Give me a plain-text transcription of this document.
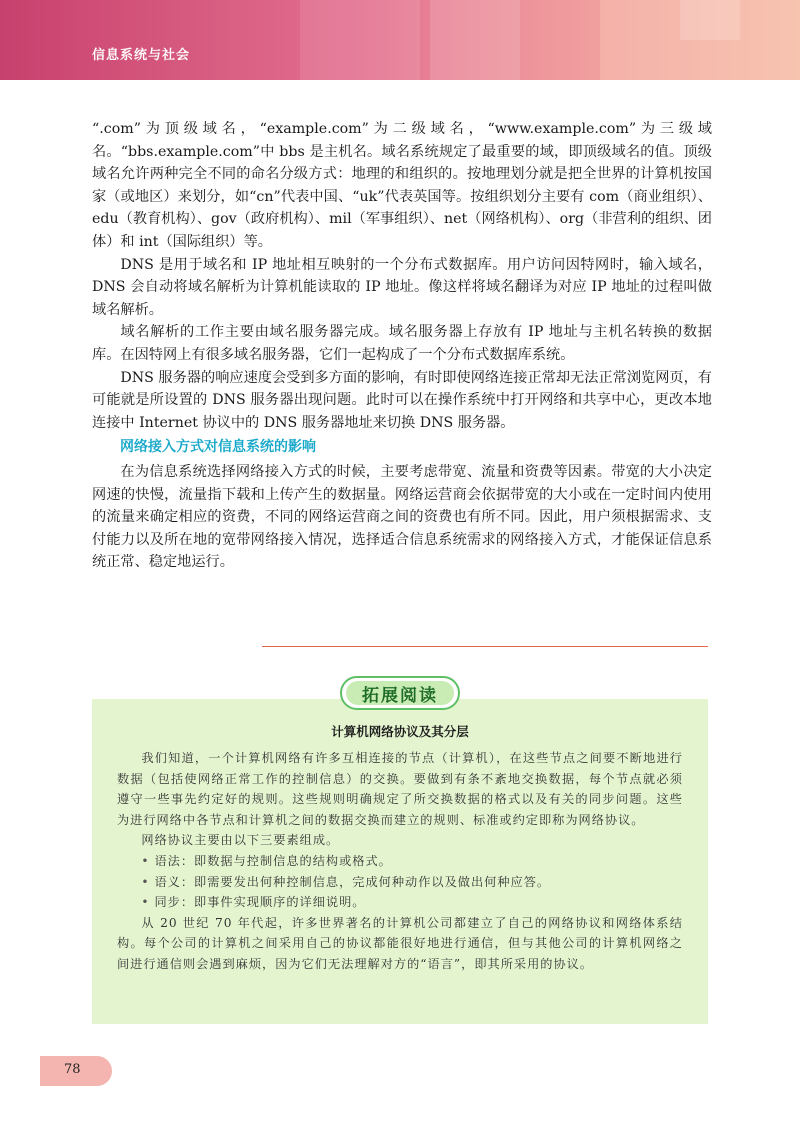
信息系统与社会

“.com”为顶级域名，“example.com”为二级域名，“www.example.com”为三级域名。“bbs.example.com”中 bbs 是主机名。域名系统规定了最重要的域，即顶级域名的值。顶级域名允许两种完全不同的命名分级方式：地理的和组织的。按地理划分就是把全世界的计算机按国家（或地区）来划分，如“cn”代表中国、“uk”代表英国等。按组织划分主要有 com（商业组织）、edu（教育机构）、gov（政府机构）、mil（军事组织）、net（网络机构）、org（非营利的组织、团体）和 int（国际组织）等。

DNS 是用于域名和 IP 地址相互映射的一个分布式数据库。用户访问因特网时，输入域名，DNS 会自动将域名解析为计算机能读取的 IP 地址。像这样将域名翻译为对应 IP 地址的过程叫做域名解析。

域名解析的工作主要由域名服务器完成。域名服务器上存放有 IP 地址与主机名转换的数据库。在因特网上有很多域名服务器，它们一起构成了一个分布式数据库系统。

DNS 服务器的响应速度会受到多方面的影响，有时即使网络连接正常却无法正常浏览网页，有可能就是所设置的 DNS 服务器出现问题。此时可以在操作系统中打开网络和共享中心，更改本地连接中 Internet 协议中的 DNS 服务器地址来切换 DNS 服务器。

网络接入方式对信息系统的影响

在为信息系统选择网络接入方式的时候，主要考虑带宽、流量和资费等因素。带宽的大小决定网速的快慢，流量指下载和上传产生的数据量。网络运营商会依据带宽的大小或在一定时间内使用的流量来确定相应的资费，不同的网络运营商之间的资费也有所不同。因此，用户须根据需求、支付能力以及所在地的宽带网络接入情况，选择适合信息系统需求的网络接入方式，才能保证信息系统正常、稳定地运行。

拓展阅读
计算机网络协议及其分层

我们知道，一个计算机网络有许多互相连接的节点（计算机），在这些节点之间要不断地进行数据（包括使网络正常工作的控制信息）的交换。要做到有条不紊地交换数据，每个节点就必须遵守一些事先约定好的规则。这些规则明确规定了所交换数据的格式以及有关的同步问题。这些为进行网络中各节点和计算机之间的数据交换而建立的规则、标准或约定即称为网络协议。

网络协议主要由以下三要素组成。

• 语法：即数据与控制信息的结构或格式。
• 语义：即需要发出何种控制信息，完成何种动作以及做出何种应答。
• 同步：即事件实现顺序的详细说明。

从 20 世纪 70 年代起，许多世界著名的计算机公司都建立了自己的网络协议和网络体系结构。每个公司的计算机之间采用自己的协议都能很好地进行通信，但与其他公司的计算机网络之间进行通信则会遇到麻烦，因为它们无法理解对方的“语言”，即其所采用的协议。

78
